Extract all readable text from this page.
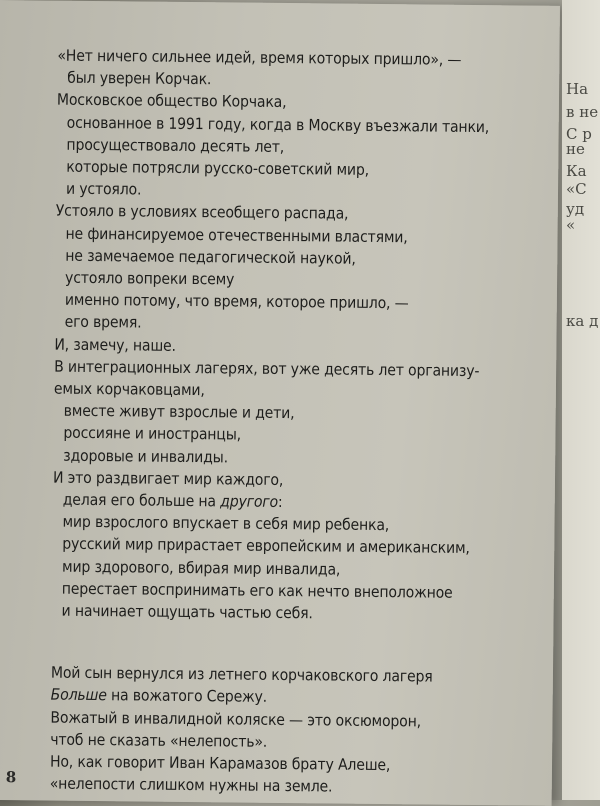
«Нет ничего сильнее идей, время которых пришло», —

был уверен Корчак.

Московское общество Корчака,

основанное в 1991 году, когда в Москву въезжали танки,

просуществовало десять лет,

которые потрясли русско-советский мир,

и устояло.

Устояло в условиях всеобщего распада,

не финансируемое отечественными властями,

не замечаемое педагогической наукой,

устояло вопреки всему

именно потому, что время, которое пришло, —

его время.

И, замечу, наше.

В интеграционных лагерях, вот уже десять лет организу-

емых корчаковцами,

вместе живут взрослые и дети,

россияне и иностранцы,

здоровые и инвалиды.

И это раздвигает мир каждого,

делая его больше на другого:

мир взрослого впускает в себя мир ребенка,

русский мир прирастает европейским и американским,

мир здорового, вбирая мир инвалида,

перестает воспринимать его как нечто внеположное

и начинает ощущать частью себя.

Мой сын вернулся из летнего корчаковского лагеря

Больше на вожатого Сережу.

Вожатый в инвалидной коляске — это оксюморон,

чтоб не сказать «нелепость».

Но, как говорит Иван Карамазов брату Алеше,

«нелепости слишком нужны на земле.

8
На
в не
С р
не
Ка
«С
уд
«
ка д
